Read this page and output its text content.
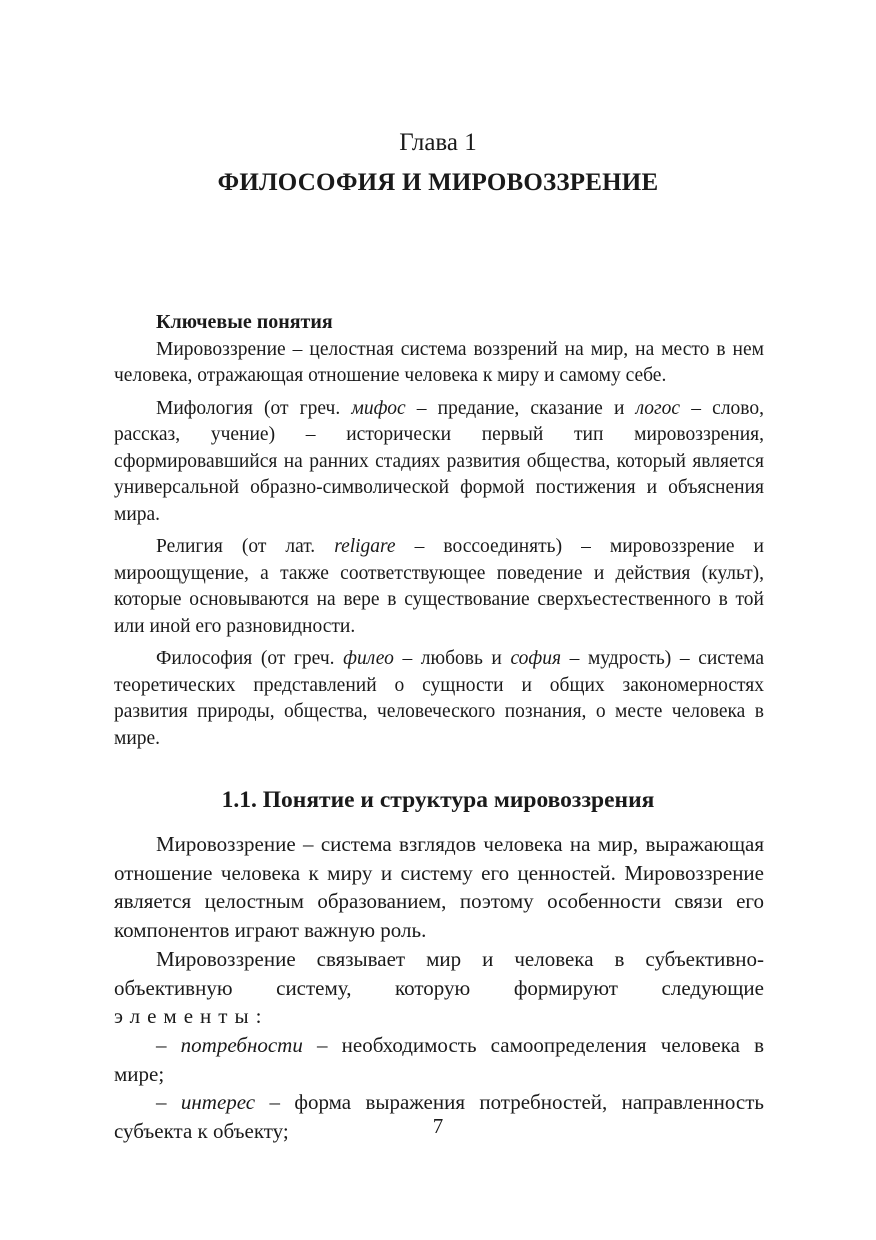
Глава 1
ФИЛОСОФИЯ И МИРОВОЗЗРЕНИЕ
Ключевые понятия

Мировоззрение – целостная система воззрений на мир, на место в нем человека, отражающая отношение человека к миру и самому себе.

Мифология (от греч. мифос – предание, сказание и логос – слово, рассказ, учение) – исторически первый тип мировоззрения, сформировавшийся на ранних стадиях развития общества, который является универсальной образно-символической формой постижения и объяснения мира.

Религия (от лат. religare – воссоединять) – мировоззрение и мироощущение, а также соответствующее поведение и действия (культ), которые основываются на вере в существование сверхъестественного в той или иной его разновидности.

Философия (от греч. филео – любовь и софия – мудрость) – система теоретических представлений о сущности и общих закономерностях развития природы, общества, человеческого познания, о месте человека в мире.

1.1. Понятие и структура мировоззрения

Мировоззрение – система взглядов человека на мир, выражающая отношение человека к миру и систему его ценностей. Мировоззрение является целостным образованием, поэтому особенности связи его компонентов играют важную роль.

Мировоззрение связывает мир и человека в субъективно-объективную систему, которую формируют следующие элементы:

– потребности – необходимость самоопределения человека в мире;

– интерес – форма выражения потребностей, направленность субъекта к объекту;	7
